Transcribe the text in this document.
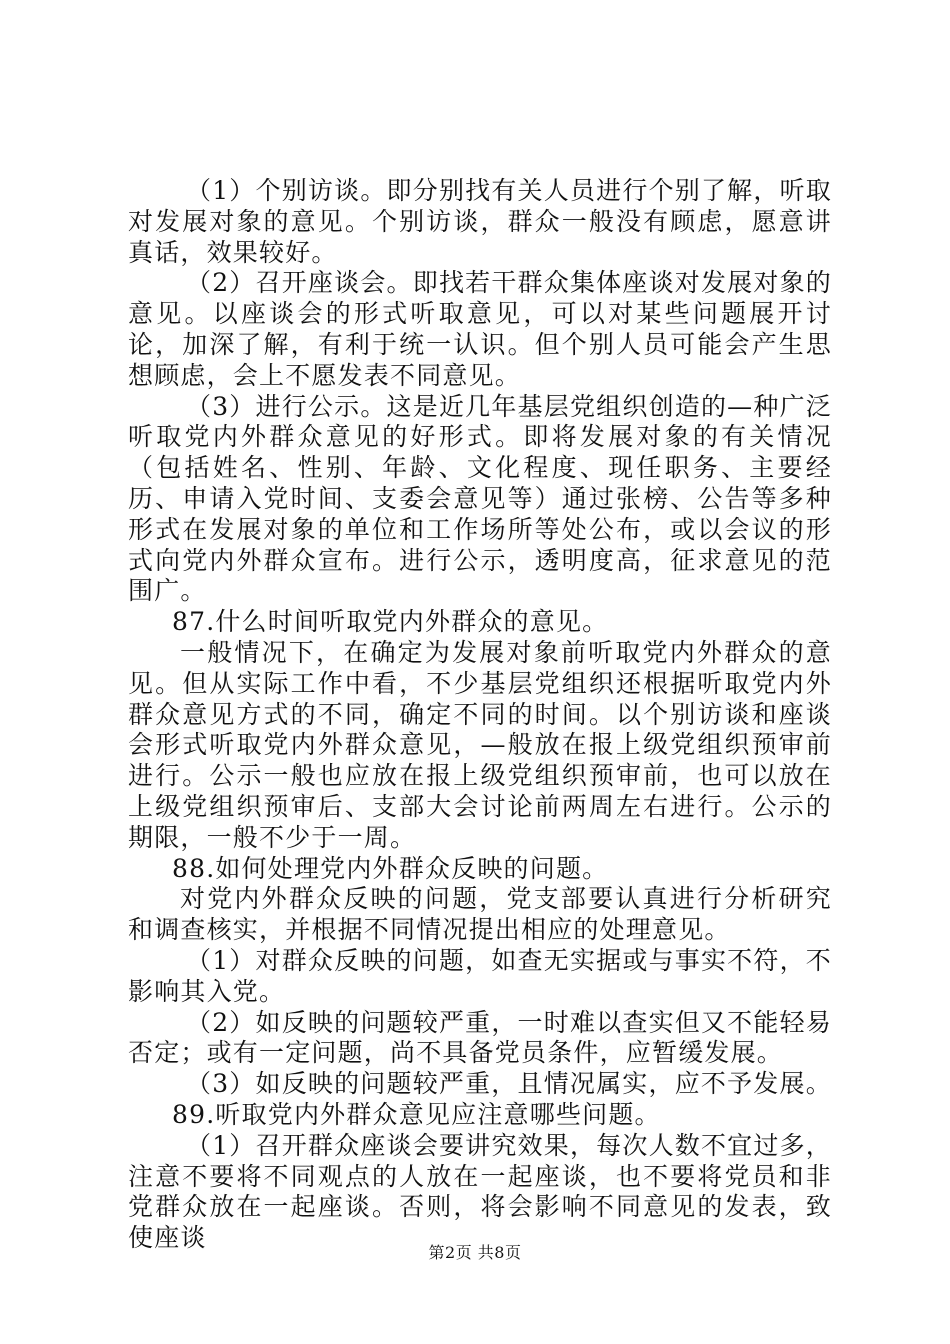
（1）个别访谈。即分别找有关人员进行个别了解，听取对发展对象的意见。个别访谈，群众一般没有顾虑，愿意讲真话，效果较好。

（2）召开座谈会。即找若干群众集体座谈对发展对象的意见。以座谈会的形式听取意见，可以对某些问题展开讨论，加深了解，有利于统一认识。但个别人员可能会产生思想顾虑，会上不愿发表不同意见。

（3）进行公示。这是近几年基层党组织创造的—种广泛听取党内外群众意见的好形式。即将发展对象的有关情况（包括姓名、性别、年龄、文化程度、现任职务、主要经历、申请入党时间、支委会意见等）通过张榜、公告等多种形式在发展对象的单位和工作场所等处公布，或以会议的形式向党内外群众宣布。进行公示，透明度高，征求意见的范围广。

87.什么时间听取党内外群众的意见。

一般情况下，在确定为发展对象前听取党内外群众的意见。但从实际工作中看，不少基层党组织还根据听取党内外群众意见方式的不同，确定不同的时间。以个别访谈和座谈会形式听取党内外群众意见，—般放在报上级党组织预审前进行。公示一般也应放在报上级党组织预审前，也可以放在上级党组织预审后、支部大会讨论前两周左右进行。公示的期限，一般不少于一周。

88.如何处理党内外群众反映的问题。

对党内外群众反映的问题，党支部要认真进行分析研究和调查核实，并根据不同情况提出相应的处理意见。

（1）对群众反映的问题，如查无实据或与事实不符，不影响其入党。

（2）如反映的问题较严重，一时难以查实但又不能轻易否定；或有一定问题，尚不具备党员条件，应暂缓发展。

（3）如反映的问题较严重，且情况属实，应不予发展。

89.听取党内外群众意见应注意哪些问题。

（1）召开群众座谈会要讲究效果，每次人数不宜过多，注意不要将不同观点的人放在一起座谈，也不要将党员和非党群众放在一起座谈。否则，将会影响不同意见的发表，致使座谈

第2页 共8页
